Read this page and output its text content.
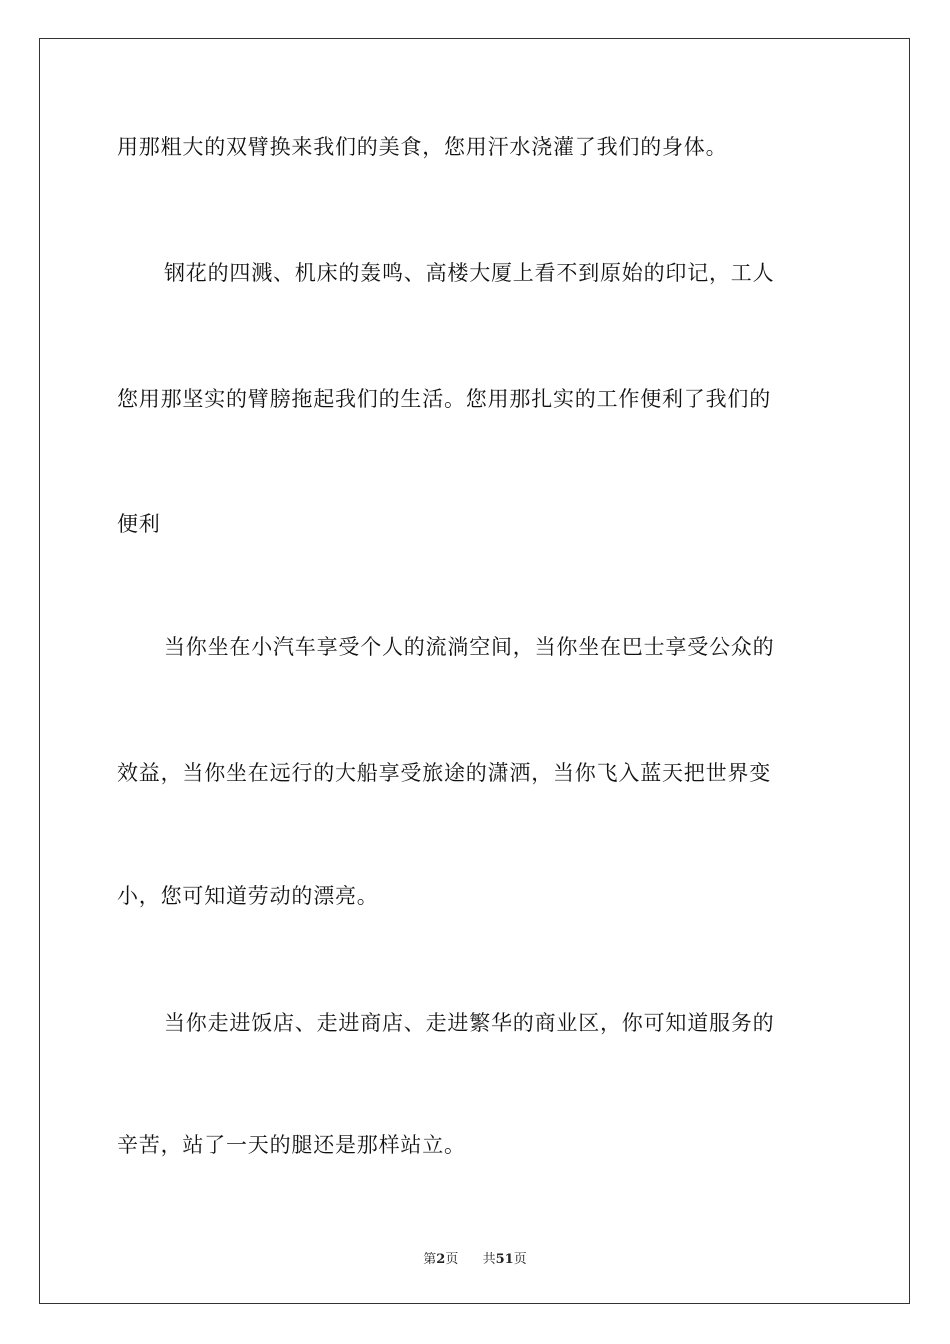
用那粗大的双臂换来我们的美食，您用汗水浇灌了我们的身体。
钢花的四溅、机床的轰鸣、高楼大厦上看不到原始的印记，工人
您用那坚实的臂膀拖起我们的生活。您用那扎实的工作便利了我们的
便利
当你坐在小汽车享受个人的流淌空间，当你坐在巴士享受公众的
效益，当你坐在远行的大船享受旅途的潇洒，当你飞入蓝天把世界变
小，您可知道劳动的漂亮。
当你走进饭店、走进商店、走进繁华的商业区，你可知道服务的
辛苦，站了一天的腿还是那样站立。
第2页 共51页
